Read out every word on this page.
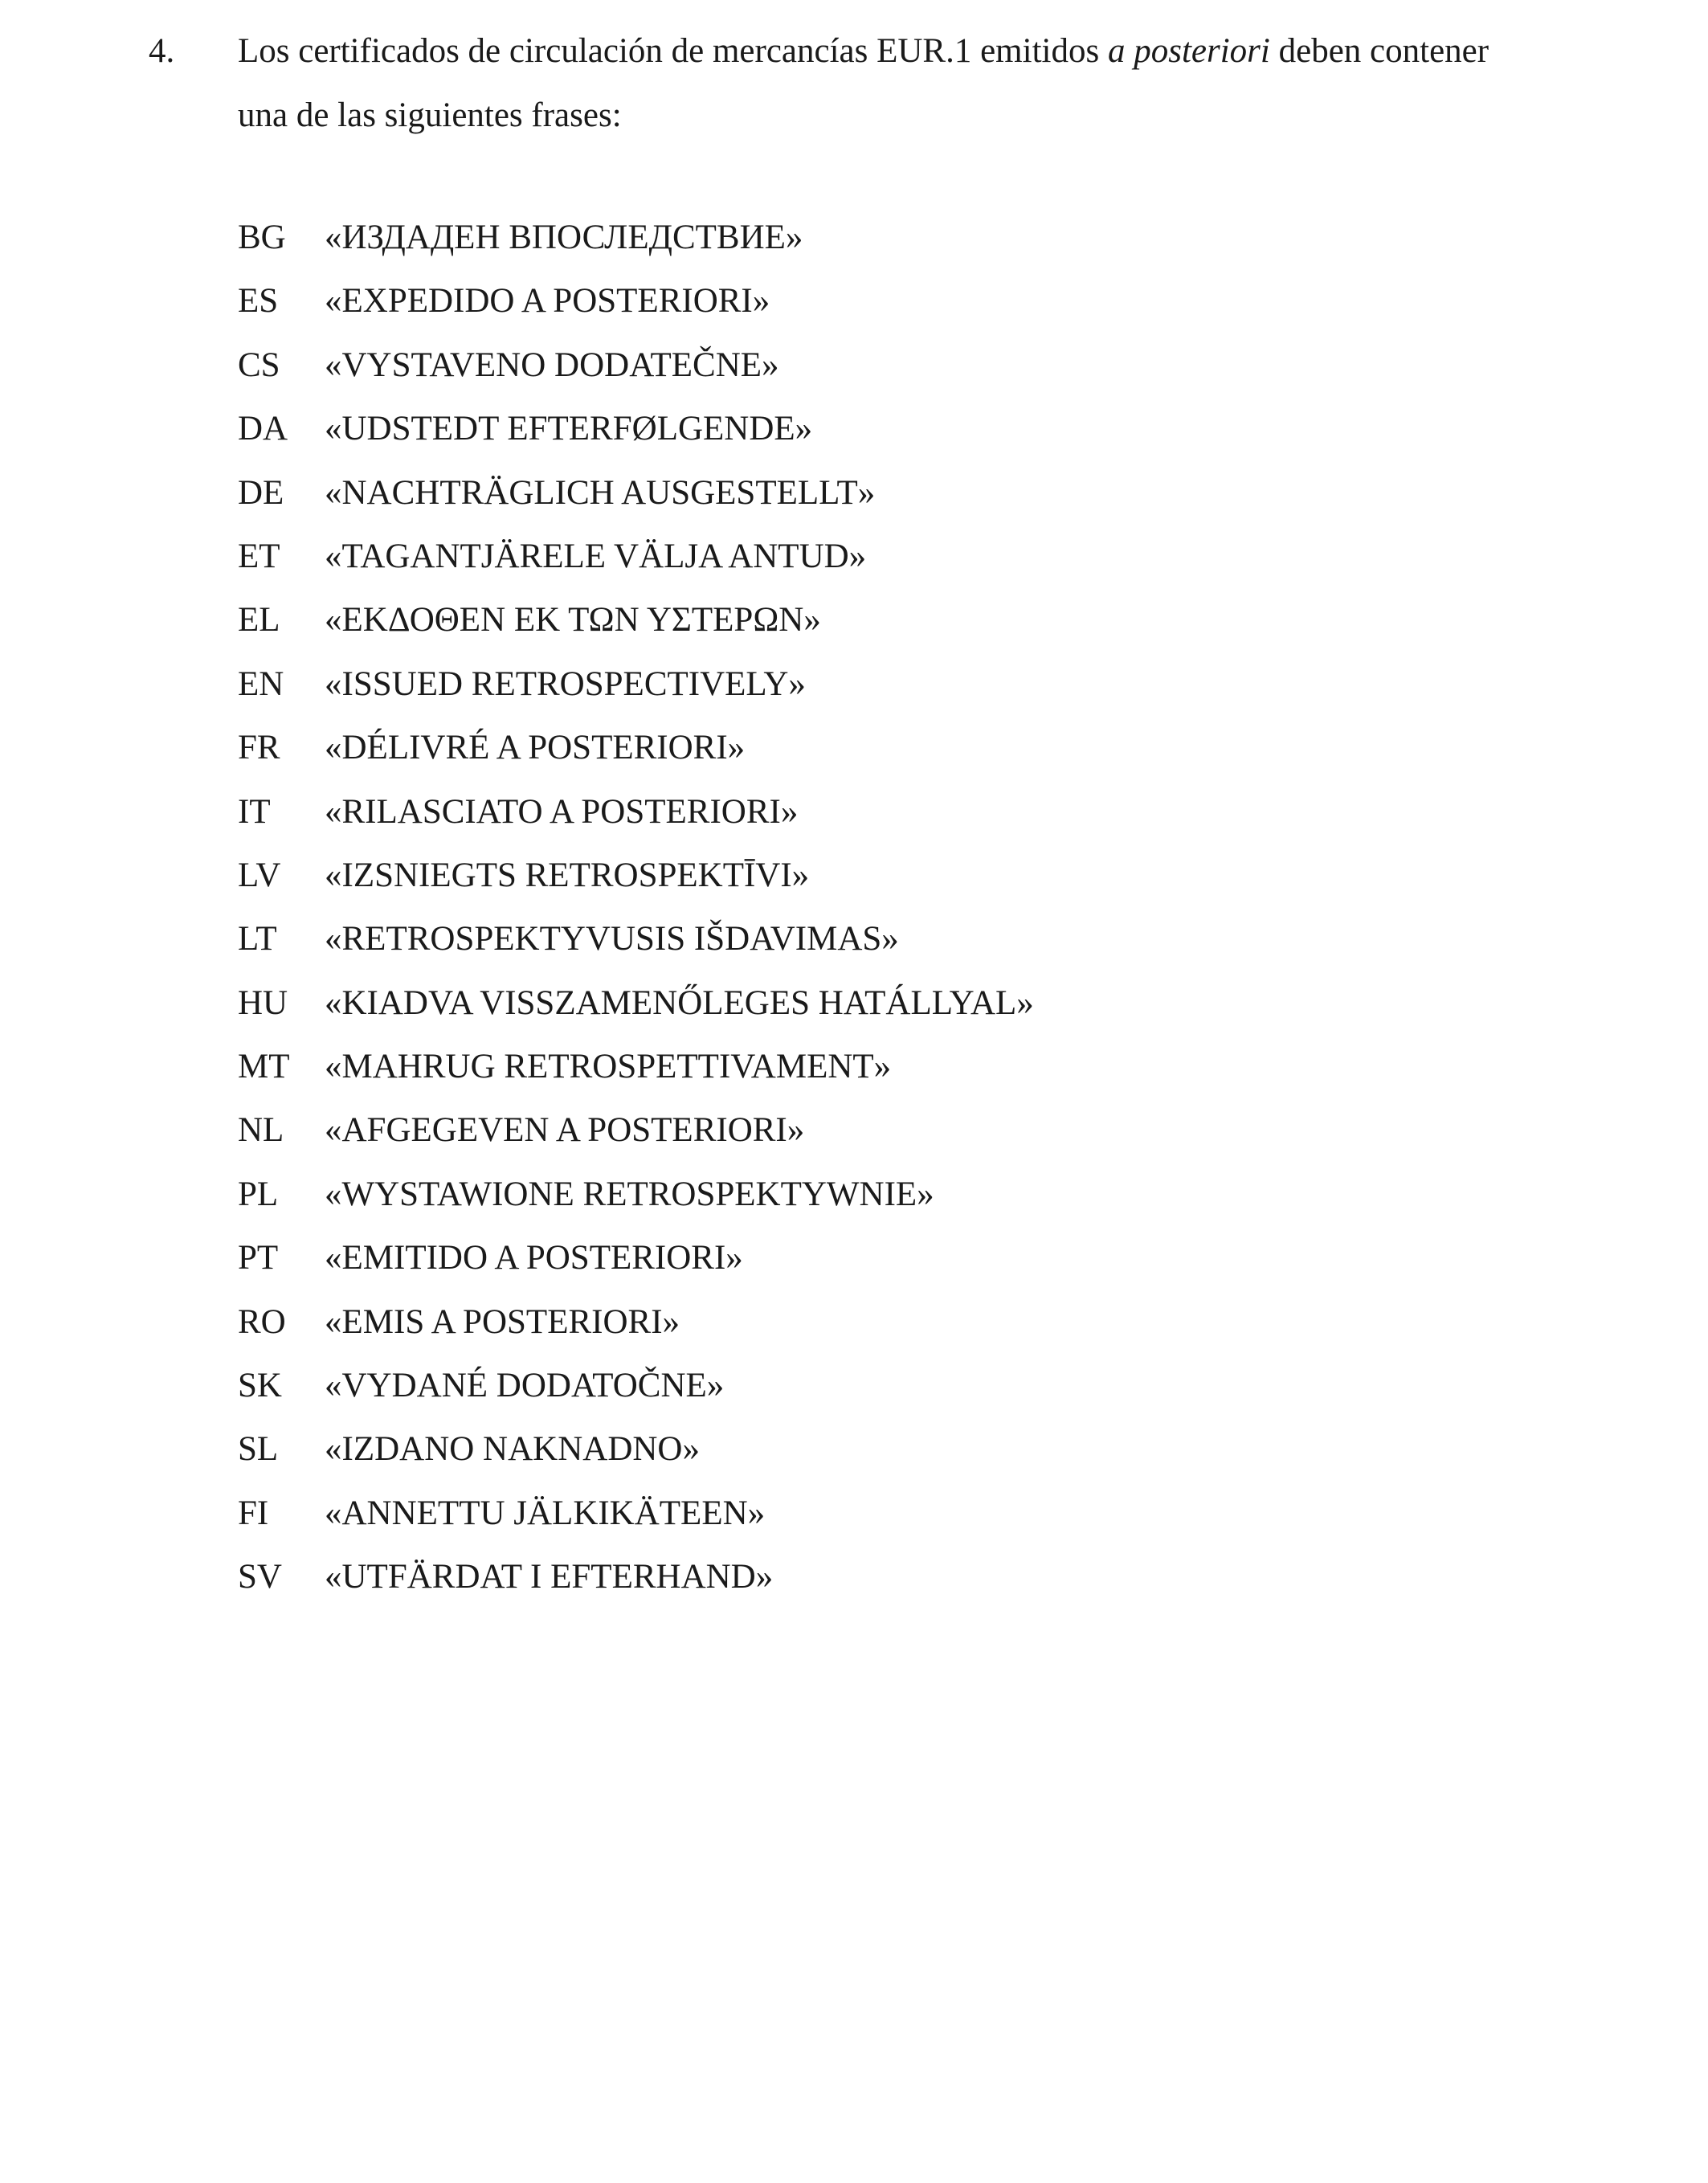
4. Los certificados de circulación de mercancías EUR.1 emitidos a posteriori deben contener
una de las siguientes frases:
BG «ИЗДАДЕН ВПОСЛЕДСТВИЕ»
ES «EXPEDIDO A POSTERIORI»
CS «VYSTAVENO DODATEČNE»
DA «UDSTEDT EFTERFØLGENDE»
DE «NACHTRÄGLICH AUSGESTELLT»
ET «TAGANTJÄRELE VÄLJA ANTUD»
EL «ΕΚΔΟΘΕΝ ΕΚ ΤΩΝ ΥΣΤΕΡΩΝ»
EN «ISSUED RETROSPECTIVELY»
FR «DÉLIVRÉ A POSTERIORI»
IT «RILASCIATO A POSTERIORI»
LV «IZSNIEGTS RETROSPEKTĪVI»
LT «RETROSPEKTYVUSIS IŠDAVIMAS»
HU «KIADVA VISSZAMENŐLEGES HATÁLLYAL»
MT «MAHRUG RETROSPETTIVAMENT»
NL «AFGEGEVEN A POSTERIORI»
PL «WYSTAWIONE RETROSPEKTYWNIE»
PT «EMITIDO A POSTERIORI»
RO «EMIS A POSTERIORI»
SK «VYDANÉ DODATOČNE»
SL «IZDANO NAKNADNO»
FI «ANNETTU JÄLKIKÄTEEN»
SV «UTFÄRDAT I EFTERHAND»
